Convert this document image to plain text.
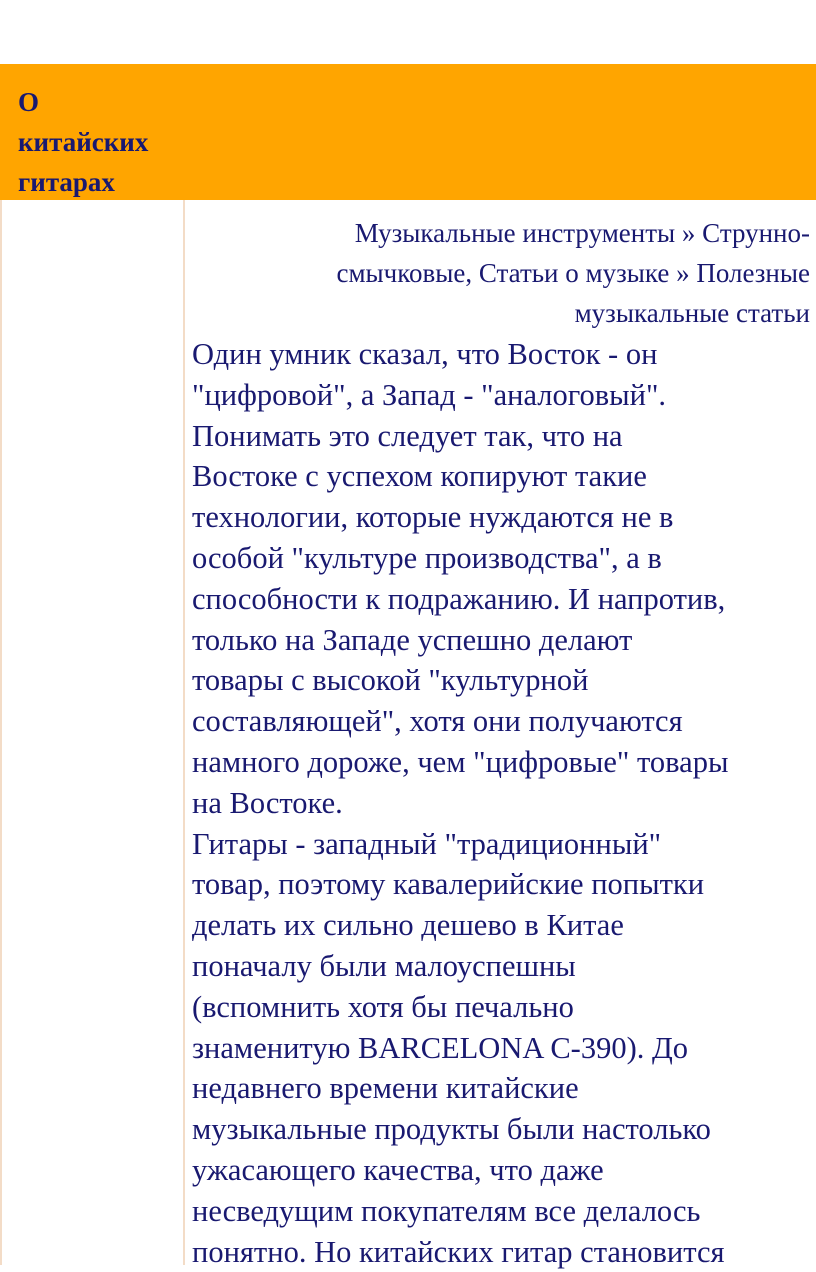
О
китайских
гитарах
Музыкальные инструменты » Струнно-
смычковые, Статьи о музыке » Полезные
музыкальные статьи
Один умник сказал, что Восток - он
"цифровой", а Запад - "аналоговый".
Понимать это следует так, что на
Востоке с успехом копируют такие
технологии, которые нуждаются не в
особой "культуре производства", а в
способности к подражанию. И напротив,
только на Западе успешно делают
товары с высокой "культурной
составляющей", хотя они получаются
намного дороже, чем "цифровые" товары
на Востоке.
Гитары - западный "традиционный"
товар, поэтому кавалерийские попытки
делать их сильно дешево в Китае
поначалу были малоуспешны
(вспомнить хотя бы печально
знаменитую BARCELONA C-390). До
недавнего времени китайские
музыкальные продукты были настолько
ужасающего качества, что даже
несведущим покупателям все делалось
понятно. Но китайских гитар становится
